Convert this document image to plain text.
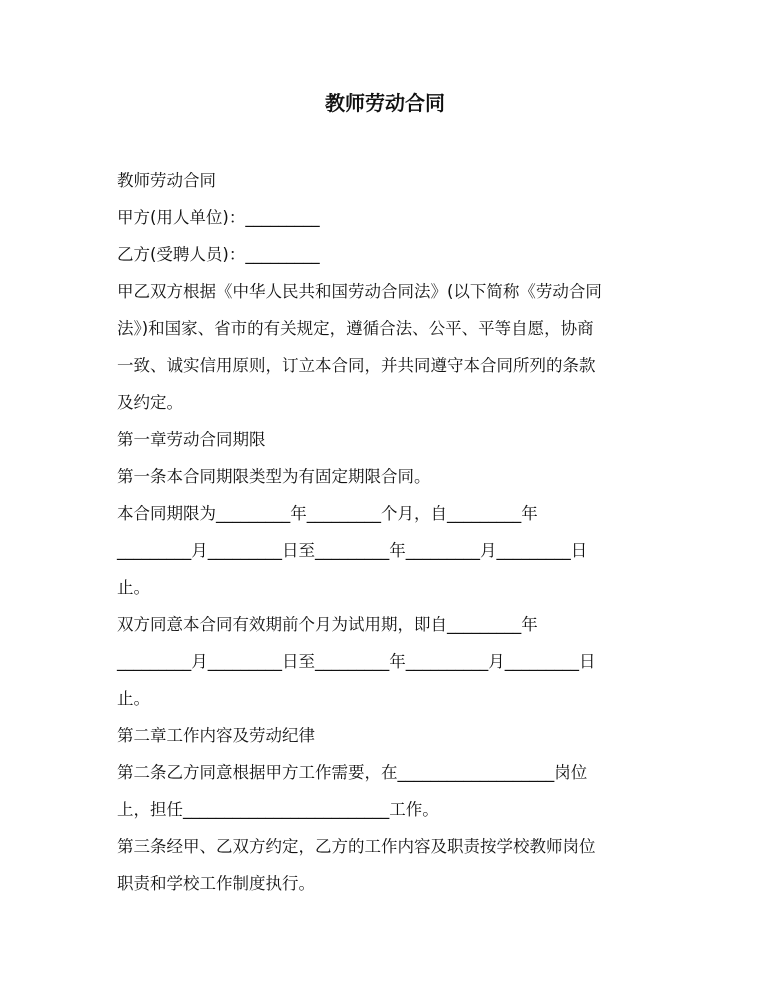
教师劳动合同
教师劳动合同
甲方(用人单位)：_________
乙方(受聘人员)：_________
甲乙双方根据《中华人民共和国劳动合同法》(以下简称《劳动合同
法》)和国家、省市的有关规定，遵循合法、公平、平等自愿，协商
一致、诚实信用原则，订立本合同，并共同遵守本合同所列的条款
及约定。
第一章劳动合同期限
第一条本合同期限类型为有固定期限合同。
本合同期限为_________年_________个月，自_________年
_________月_________日至_________年_________月_________日
止。
双方同意本合同有效期前个月为试用期，即自_________年
_________月_________日至_________年__________月_________日
止。
第二章工作内容及劳动纪律
第二条乙方同意根据甲方工作需要，在___________________岗位
上，担任_________________________工作。
第三条经甲、乙双方约定，乙方的工作内容及职责按学校教师岗位
职责和学校工作制度执行。
